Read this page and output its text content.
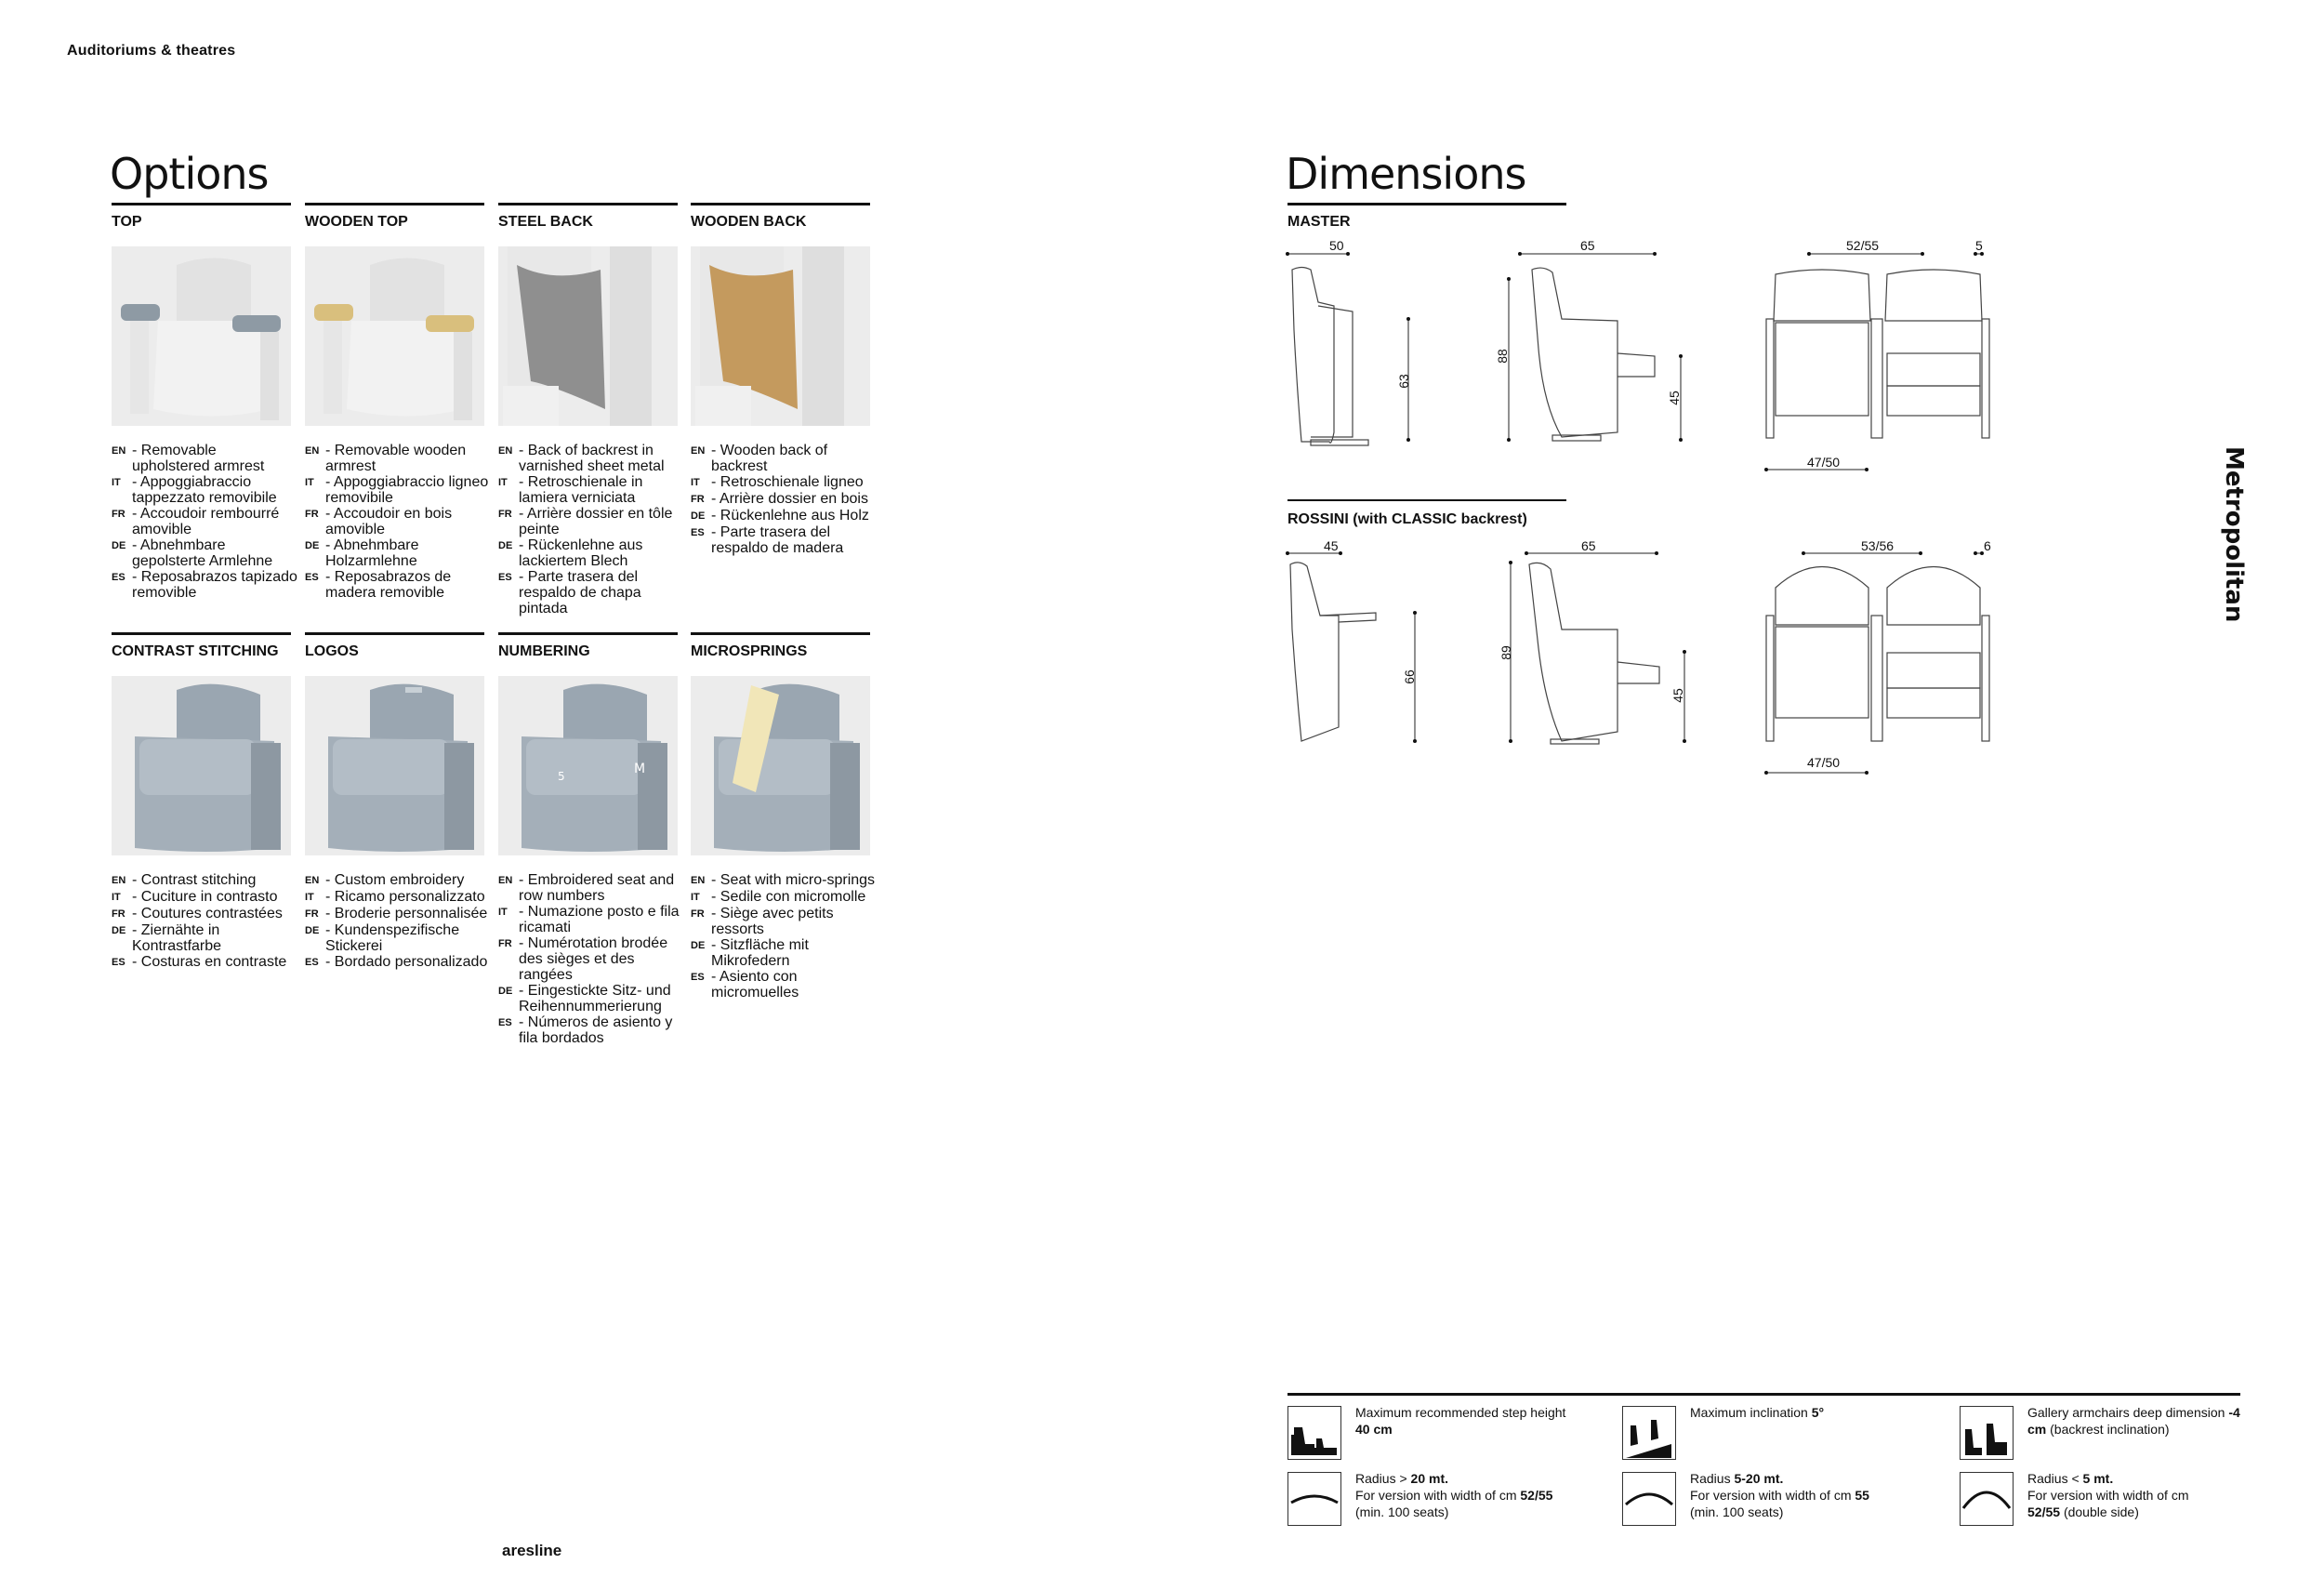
Auditoriums & theatres
Options
TOP
EN - Removable upholstered armrest
IT - Appoggiabraccio tappezzato removibile
FR - Accoudoir rembourré amovible
DE - Abnehmbare gepolsterte Armlehne
ES - Reposabrazos tapizado removible
WOODEN TOP
EN - Removable wooden armrest
IT - Appoggiabraccio ligneo removibile
FR - Accoudoir en bois amovible
DE - Abnehmbare Holzarmlehne
ES - Reposabrazos de madera removible
STEEL BACK
EN - Back of backrest in varnished sheet metal
IT - Retroschienale in lamiera verniciata
FR - Arrière dossier en tôle peinte
DE - Rückenlehne aus lackiertem Blech
ES - Parte trasera del respaldo de chapa pintada
WOODEN BACK
EN - Wooden back of backrest
IT - Retroschienale ligneo
FR - Arrière dossier en bois
DE - Rückenlehne aus Holz
ES - Parte trasera del respaldo de madera
CONTRAST STITCHING
EN - Contrast stitching
IT - Cuciture in contrasto
FR - Coutures contrastées
DE - Ziernähte in Kontrastfarbe
ES - Costuras en contraste
LOGOS
EN - Custom embroidery
IT - Ricamo personalizzato
FR - Broderie personnalisée
DE - Kundenspezifische Stickerei
ES - Bordado personalizado
NUMBERING
5	M
EN - Embroidered seat and row numbers
IT - Numazione posto e fila ricamati
FR - Numérotation brodée des sièges et des rangées
DE - Eingestickte Sitz- und Reihennummerierung
ES - Números de asiento y fila bordados
MICROSPRINGS
EN - Seat with micro-springs
IT - Sedile con micromolle
FR - Siège avec petits ressorts
DE - Sitzfläche mit Mikrofedern
ES - Asiento con micromuelles
Dimensions
MASTER
ROSSINI (with CLASSIC backrest)
50
63
65
88
45
52/55	5
47/50
45
66
65
89
45
53/56	6
47/50
Metropolitan
Maximum recommended step height 40 cm
Maximum inclination 5°	Gallery armchairs deep dimension -4 cm (backrest inclination)
Radius > 20 mt.
For version with width of cm 52/55 (min. 100 seats)
Radius 5-20 mt.
For version with width of cm 55
(min. 100 seats)
Radius < 5 mt.
For version with width of cm
52/55 (double side)
aresline
